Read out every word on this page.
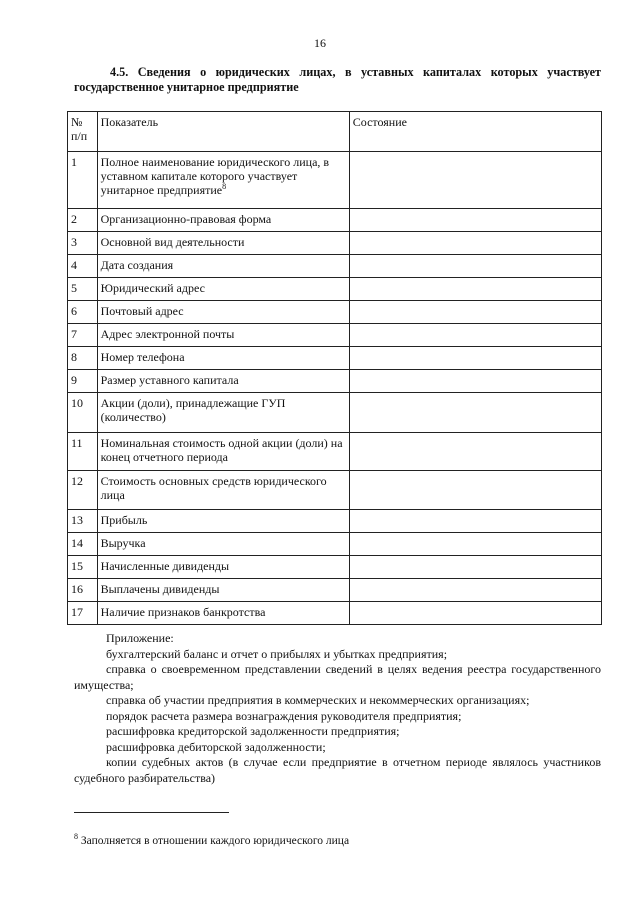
16
4.5. Сведения о юридических лицах, в уставных капиталах которых участвует государственное унитарное предприятие
№ п/п	Показатель	Состояние
1	Полное наименование юридического лица, в уставном капитале которого участвует унитарное предприятие$^8$	
2	Организационно-правовая форма	
3	Основной вид деятельности	
4	Дата создания	
5	Юридический адрес	
6	Почтовый адрес	
7	Адрес электронной почты	
8	Номер телефона	
9	Размер уставного капитала	
10	Акции (доли), принадлежащие ГУП (количество)	
11	Номинальная стоимость одной акции (доли) на конец отчетного периода	
12	Стоимость основных средств юридического лица	
13	Прибыль	
14	Выручка	
15	Начисленные дивиденды	
16	Выплачены дивиденды	
17	Наличие признаков банкротства	

Приложение:

бухгалтерский баланс и отчет о прибылях и убытках предприятия;

справка о своевременном представлении сведений в целях ведения реестра государственного имущества;

справка об участии предприятия в коммерческих и некоммерческих организациях;

порядок расчета размера вознаграждения руководителя предприятия;

расшифровка кредиторской задолженности предприятия;

расшифровка дебиторской задолженности;

копии судебных актов (в случае если предприятие в отчетном периоде являлось участников судебного разбирательства)

$^8$ Заполняется в отношении каждого юридического лица
